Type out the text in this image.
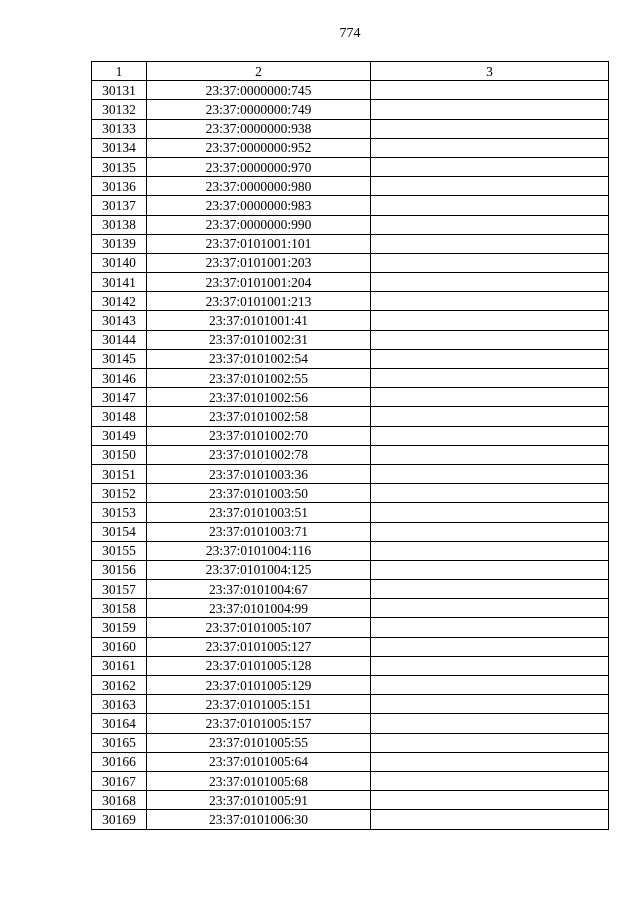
774
1	2	3
30131	23:37:0000000:745	
30132	23:37:0000000:749	
30133	23:37:0000000:938	
30134	23:37:0000000:952	
30135	23:37:0000000:970	
30136	23:37:0000000:980	
30137	23:37:0000000:983	
30138	23:37:0000000:990	
30139	23:37:0101001:101	
30140	23:37:0101001:203	
30141	23:37:0101001:204	
30142	23:37:0101001:213	
30143	23:37:0101001:41	
30144	23:37:0101002:31	
30145	23:37:0101002:54	
30146	23:37:0101002:55	
30147	23:37:0101002:56	
30148	23:37:0101002:58	
30149	23:37:0101002:70	
30150	23:37:0101002:78	
30151	23:37:0101003:36	
30152	23:37:0101003:50	
30153	23:37:0101003:51	
30154	23:37:0101003:71	
30155	23:37:0101004:116	
30156	23:37:0101004:125	
30157	23:37:0101004:67	
30158	23:37:0101004:99	
30159	23:37:0101005:107	
30160	23:37:0101005:127	
30161	23:37:0101005:128	
30162	23:37:0101005:129	
30163	23:37:0101005:151	
30164	23:37:0101005:157	
30165	23:37:0101005:55	
30166	23:37:0101005:64	
30167	23:37:0101005:68	
30168	23:37:0101005:91	
30169	23:37:0101006:30	
